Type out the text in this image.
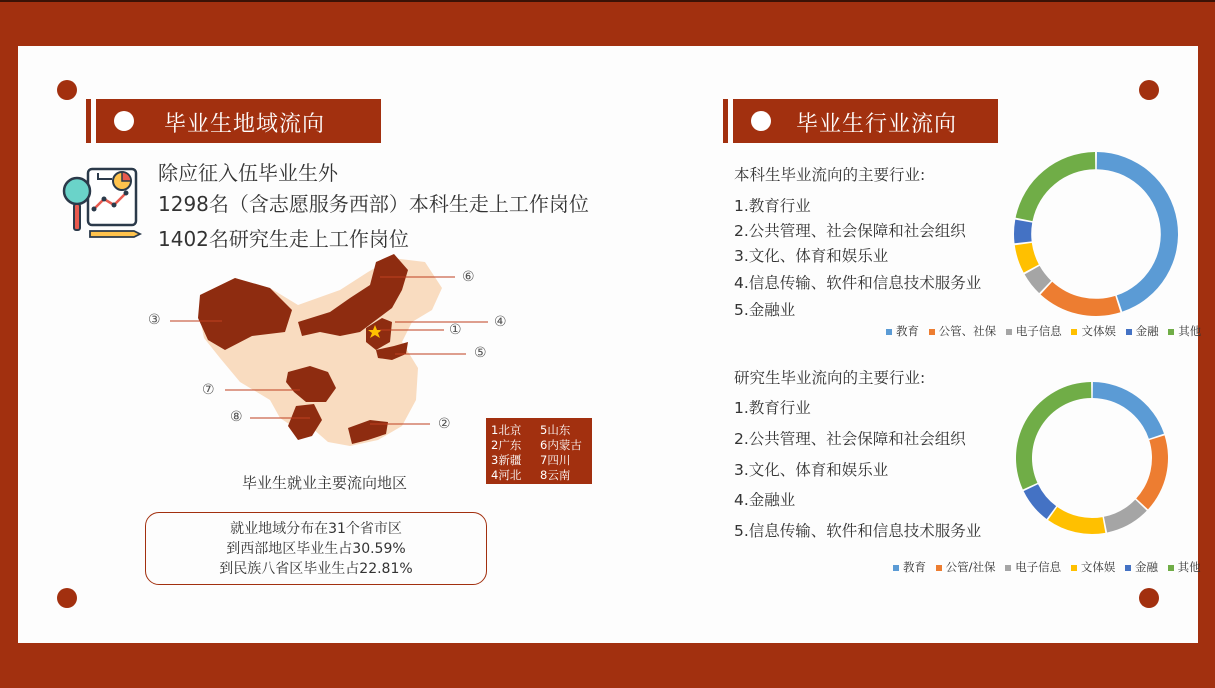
毕业生地域流向
除应征入伍毕业生外
1298名（含志愿服务西部）本科生走上工作岗位
1402名研究生走上工作岗位
①
②
③	④
⑤
⑥
⑦
⑧
1北京 5山东
2广东 6内蒙古
3新疆 7四川
4河北 8云南
毕业生就业主要流向地区
就业地域分布在31个省市区
到西部地区毕业生占30.59%
到民族八省区毕业生占22.81%
毕业生行业流向
本科生毕业流向的主要行业:
1.教育行业
2.公共管理、社会保障和社会组织
3.文化、体育和娱乐业
4.信息传输、软件和信息技术服务业
5.金融业
教育 公管、社保 电子信息 文体娱 金融 其他
研究生毕业流向的主要行业:
1.教育行业
2.公共管理、社会保障和社会组织
3.文化、体育和娱乐业
4.金融业
5.信息传输、软件和信息技术服务业
教育 公管/社保 电子信息 文体娱 金融 其他
